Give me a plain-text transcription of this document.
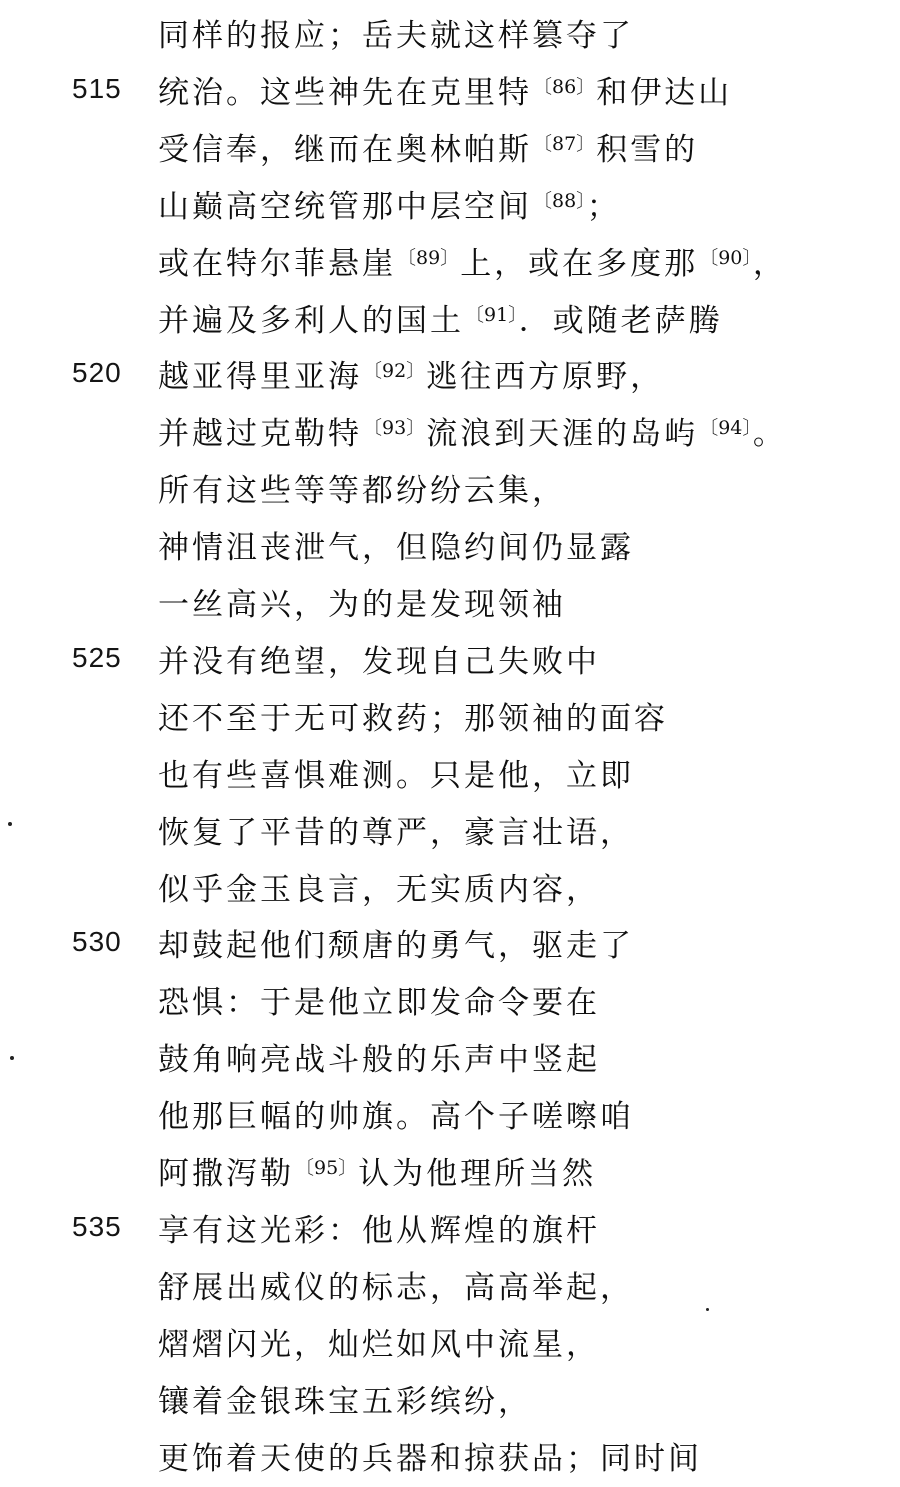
同样的报应；岳夫就这样篡夺了
515 统治。这些神先在克里特$^{〔86〕}$和伊达山
受信奉，继而在奥林帕斯$^{〔87〕}$积雪的
山巅高空统管那中层空间$^{〔88〕}$；
或在特尔菲悬崖$^{〔89〕}$上，或在多度那$^{〔90〕}$，
并遍及多利人的国土$^{〔91〕}$．或随老萨腾
520 越亚得里亚海$^{〔92〕}$逃往西方原野，
并越过克勒特$^{〔93〕}$流浪到天涯的岛屿$^{〔94〕}$。
所有这些等等都纷纷云集，
神情沮丧泄气，但隐约间仍显露
一丝高兴，为的是发现领袖
525 并没有绝望，发现自己失败中
还不至于无可救药；那领袖的面容
也有些喜惧难测。只是他，立即
恢复了平昔的尊严，豪言壮语，
似乎金玉良言，无实质内容，
530 却鼓起他们颓唐的勇气，驱走了
恐惧：于是他立即发命令要在
鼓角响亮战斗般的乐声中竖起
他那巨幅的帅旗。高个子嗟嚓咱
阿撒泻勒$^{〔95〕}$认为他理所当然
535 享有这光彩：他从辉煌的旗杆
舒展出威仪的标志，高高举起，
熠熠闪光，灿烂如风中流星，
镶着金银珠宝五彩缤纷，
更饰着天使的兵器和掠获品；同时间
